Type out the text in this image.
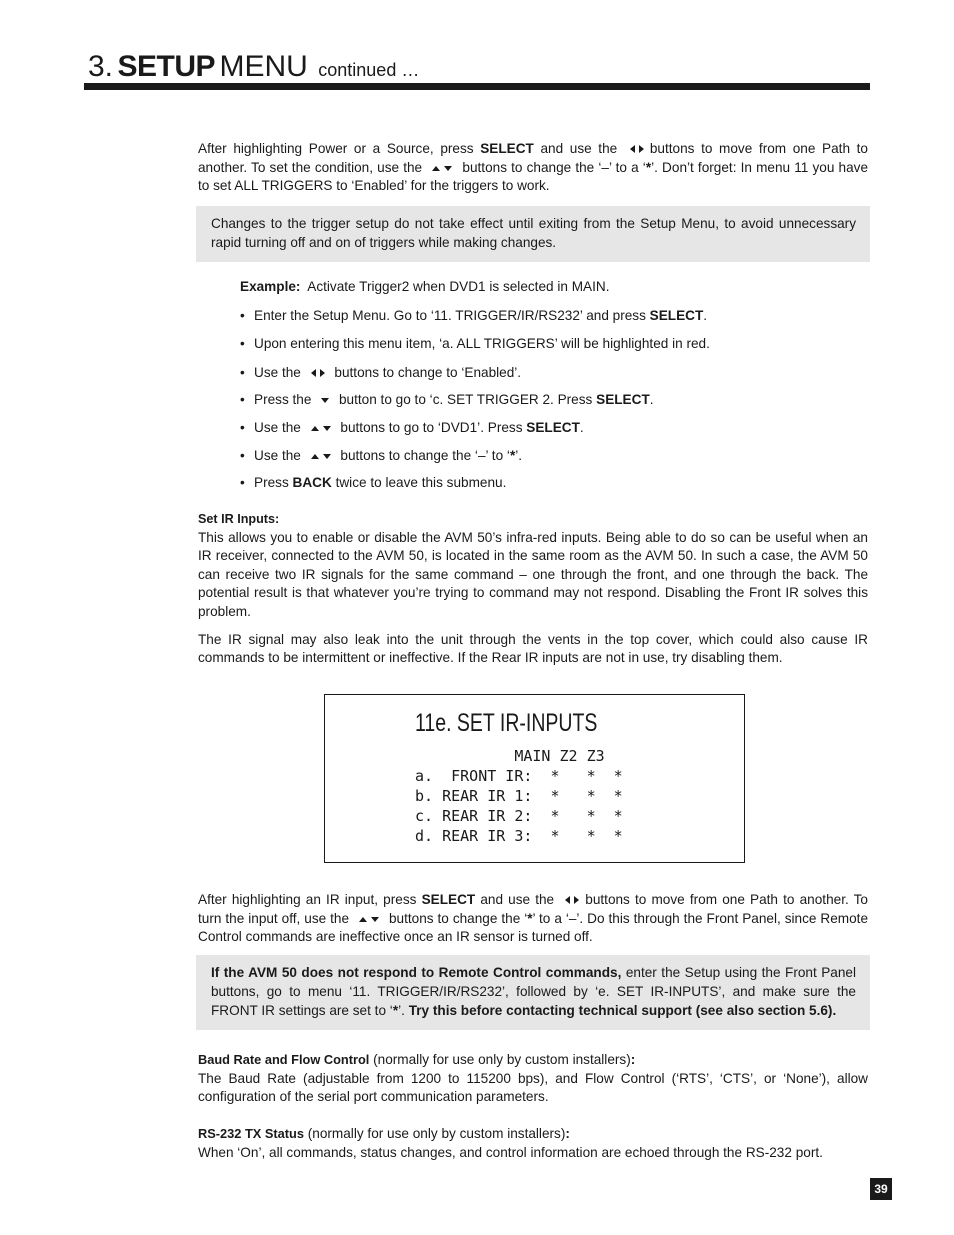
3. SETUP MENU continued …

After highlighting Power or a Source, press SELECT and use the buttons to move from one Path to another. To set the condition, use the  buttons to change the ‘–’ to a ‘*’. Don’t forget: In menu 11 you have to set ALL TRIGGERS to ‘Enabled’ for the triggers to work.

Changes to the trigger setup do not take effect until exiting from the Setup Menu, to avoid unnecessary rapid turning off and on of triggers while making changes.

Example: Activate Trigger2 when DVD1 is selected in MAIN.

• Enter the Setup Menu. Go to ‘11. TRIGGER/IR/RS232’ and press SELECT.
• Upon entering this menu item, ‘a. ALL TRIGGERS’ will be highlighted in red.
• Use the  buttons to change to ‘Enabled’.
• Press the  button to go to ‘c. SET TRIGGER 2. Press SELECT.
• Use the  buttons to go to ‘DVD1’. Press SELECT.
• Use the  buttons to change the ‘–’ to ‘*’.
• Press BACK twice to leave this submenu.

Set IR Inputs:

This allows you to enable or disable the AVM 50’s infra-red inputs. Being able to do so can be useful when an IR receiver, connected to the AVM 50, is located in the same room as the AVM 50. In such a case, the AVM 50 can receive two IR signals for the same command – one through the front, and one through the back. The potential result is that whatever you’re trying to command may not respond. Disabling the Front IR solves this problem.

The IR signal may also leak into the unit through the vents in the top cover, which could also cause IR commands to be intermittent or ineffective. If the Rear IR inputs are not in use, try disabling them.

11e. SET IR-INPUTS
MAIN Z2 Z3
a.  FRONT IR:  *   *  *
b. REAR IR 1:  *   *  *
c. REAR IR 2:  *   *  *
d. REAR IR 3:  *   *  *

After highlighting an IR input, press SELECT and use the buttons to move from one Path to another. To turn the input off, use the  buttons to change the ‘*’ to a ‘–’. Do this through the Front Panel, since Remote Control commands are ineffective once an IR sensor is turned off.

If the AVM 50 does not respond to Remote Control commands, enter the Setup using the Front Panel buttons, go to menu ‘11. TRIGGER/IR/RS232’, followed by ‘e. SET IR-INPUTS’, and make sure the FRONT IR settings are set to ‘*’. Try this before contacting technical support (see also section 5.6).

Baud Rate and Flow Control (normally for use only by custom installers):

The Baud Rate (adjustable from 1200 to 115200 bps), and Flow Control (‘RTS’, ‘CTS’, or ‘None’), allow configuration of the serial port communication parameters.

RS-232 TX Status (normally for use only by custom installers):

When ‘On’, all commands, status changes, and control information are echoed through the RS-232 port.

39
